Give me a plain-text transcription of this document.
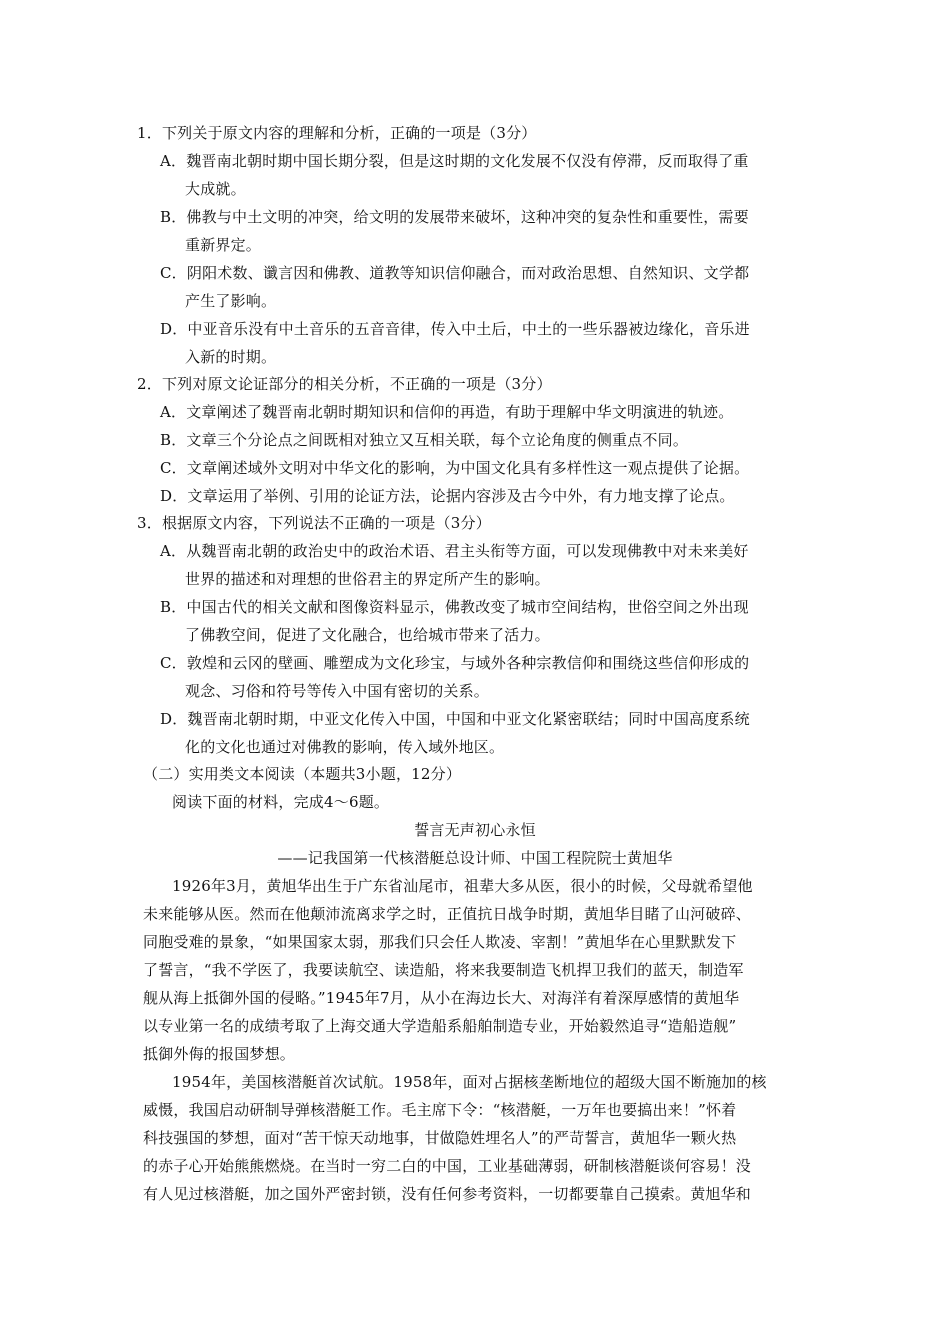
1．下列关于原文内容的理解和分析，正确的一项是（3分）
A．魏晋南北朝时期中国长期分裂，但是这时期的文化发展不仅没有停滞，反而取得了重
大成就。
B．佛教与中土文明的冲突，给文明的发展带来破坏，这种冲突的复杂性和重要性，需要
重新界定。
C．阴阳术数、谶言因和佛教、道教等知识信仰融合，而对政治思想、自然知识、文学都
产生了影响。
D．中亚音乐没有中土音乐的五音音律，传入中土后，中土的一些乐器被边缘化，音乐进
入新的时期。
2．下列对原文论证部分的相关分析，不正确的一项是（3分）
A．文章阐述了魏晋南北朝时期知识和信仰的再造，有助于理解中华文明演进的轨迹。
B．文章三个分论点之间既相对独立又互相关联，每个立论角度的侧重点不同。
C．文章阐述域外文明对中华文化的影响，为中国文化具有多样性这一观点提供了论据。
D．文章运用了举例、引用的论证方法，论据内容涉及古今中外，有力地支撑了论点。
3．根据原文内容，下列说法不正确的一项是（3分）
A．从魏晋南北朝的政治史中的政治术语、君主头衔等方面，可以发现佛教中对未来美好
世界的描述和对理想的世俗君主的界定所产生的影响。
B．中国古代的相关文献和图像资料显示，佛教改变了城市空间结构，世俗空间之外出现
了佛教空间，促进了文化融合，也给城市带来了活力。
C．敦煌和云冈的壁画、雕塑成为文化珍宝，与域外各种宗教信仰和围绕这些信仰形成的
观念、习俗和符号等传入中国有密切的关系。
D．魏晋南北朝时期，中亚文化传入中国，中国和中亚文化紧密联结；同时中国高度系统
化的文化也通过对佛教的影响，传入域外地区。
（二）实用类文本阅读（本题共3小题，12分）
阅读下面的材料，完成4～6题。
誓言无声初心永恒
——记我国第一代核潜艇总设计师、中国工程院院士黄旭华
1926年3月，黄旭华出生于广东省汕尾市，祖辈大多从医，很小的时候，父母就希望他
未来能够从医。然而在他颠沛流离求学之时，正值抗日战争时期，黄旭华目睹了山河破碎、
同胞受难的景象，“如果国家太弱，那我们只会任人欺凌、宰割！”黄旭华在心里默默发下
了誓言，“我不学医了，我要读航空、读造船，将来我要制造飞机捍卫我们的蓝天，制造军
舰从海上抵御外国的侵略。”1945年7月，从小在海边长大、对海洋有着深厚感情的黄旭华
以专业第一名的成绩考取了上海交通大学造船系船舶制造专业，开始毅然追寻“造船造舰”
抵御外侮的报国梦想。
1954年，美国核潜艇首次试航。1958年，面对占据核垄断地位的超级大国不断施加的核
威慑，我国启动研制导弹核潜艇工作。毛主席下令：“核潜艇，一万年也要搞出来！”怀着
科技强国的梦想，面对“苦干惊天动地事，甘做隐姓埋名人”的严苛誓言，黄旭华一颗火热
的赤子心开始熊熊燃烧。在当时一穷二白的中国，工业基础薄弱，研制核潜艇谈何容易！没
有人见过核潜艇，加之国外严密封锁，没有任何参考资料，一切都要靠自己摸索。黄旭华和
